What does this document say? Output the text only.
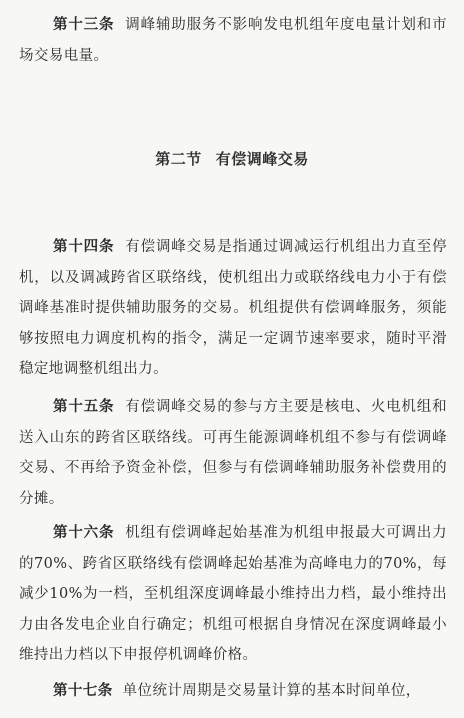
第十三条 调峰辅助服务不影响发电机组年度电量计划和市场交易电量。

第二节 有偿调峰交易

第十四条 有偿调峰交易是指通过调减运行机组出力直至停机，以及调减跨省区联络线，使机组出力或联络线电力小于有偿调峰基准时提供辅助服务的交易。机组提供有偿调峰服务，须能够按照电力调度机构的指令，满足一定调节速率要求，随时平滑稳定地调整机组出力。

第十五条 有偿调峰交易的参与方主要是核电、火电机组和送入山东的跨省区联络线。可再生能源调峰机组不参与有偿调峰交易、不再给予资金补偿，但参与有偿调峰辅助服务补偿费用的分摊。

第十六条 机组有偿调峰起始基准为机组申报最大可调出力的70%、跨省区联络线有偿调峰起始基准为高峰电力的70%，每减少10%为一档，至机组深度调峰最小维持出力档，最小维持出力由各发电企业自行确定；机组可根据自身情况在深度调峰最小维持出力档以下申报停机调峰价格。

第十七条 单位统计周期是交易量计算的基本时间单位，
